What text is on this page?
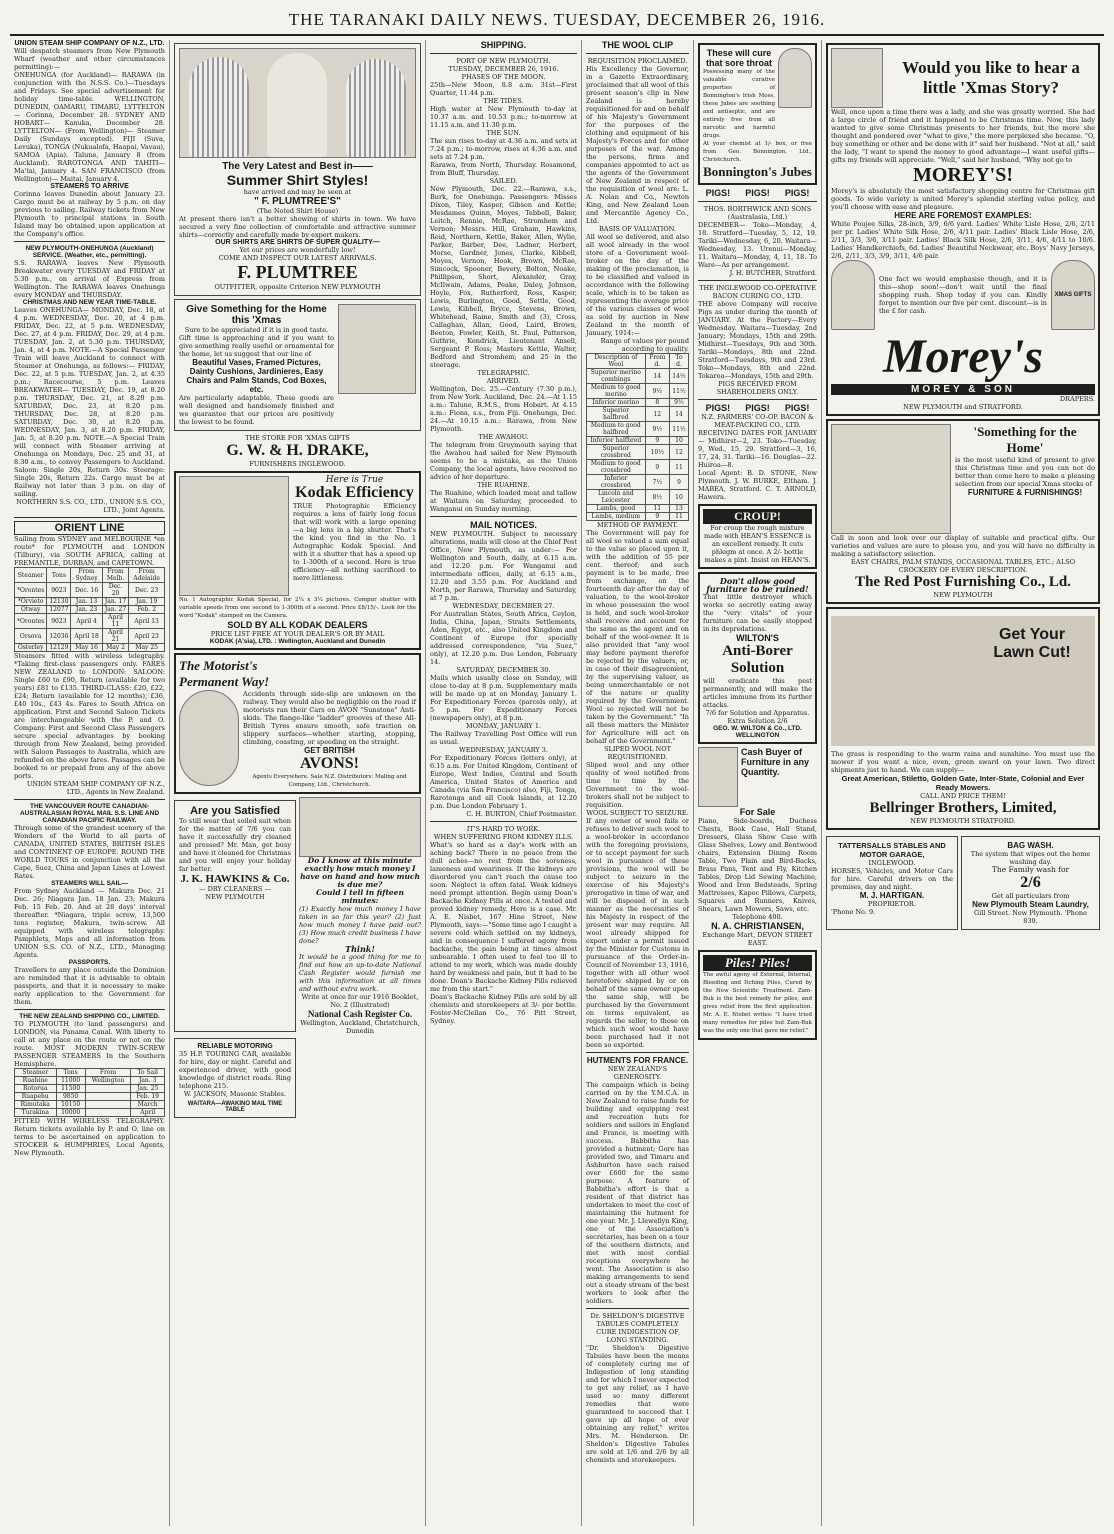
THE TARANAKI DAILY NEWS. TUESDAY, DECEMBER 26, 1916.
UNION STEAM SHIP COMPANY OF N.Z., LTD.
Will despatch steamers from New Plymouth Wharf (weather and other circumstances permitting):—
ONEHUNGA (for Auckland)— RARAWA (in conjunction with the N.S.S. Co.)—Tuesdays and Fridays. See special advertisement for holiday time-table. WELLINGTON, DUNEDIN, OAMARU, TIMARU, LYTTELTON— Corinna, December 28. SYDNEY AND HOBART— Kanuka, December 28. LYTTELTON— (From Wellington)— Steamer Daily (Sundays excepted). FIJI (Suva, Levuka), TONGA (Nukualofa, Haapai, Vavau), SAMOA (Apia). Talune, January 8 (from Auckland). RAROTONGA AND TAHITI— Ma'tai, January 4. SAN FRANCISCO (from Wellington)— Maitai, January 4.
STEAMERS TO ARRIVE
Corinna leaves Dunedin about January 23. Cargo must be at railway by 5 p.m. on day previous to sailing. Railway tickets from New Plymouth to principal stations in South Island may be obtained upon application at the Company's office.
NEW PLYMOUTH-ONEHUNGA (Auckland) SERVICE. (Weather, etc., permitting).
S.S. RARAWA leaves New Plymouth Breakwater every TUESDAY and FRIDAY at 5.30 p.m., on arrival of Express from Wellington. The RARAWA leaves Onehunga every MONDAY and THURSDAY.
CHRISTMAS AND NEW YEAR TIME-TABLE.
Leaves ONEHUNGA— MONDAY, Dec. 18, at 4 p.m. WEDNESDAY, Dec. 20, at 4 p.m. FRIDAY, Dec. 22, at 5 p.m. WEDNESDAY, Dec. 27, at 4 p.m. FRIDAY, Dec. 29, at 4 p.m. TUESDAY, Jan. 2, at 5.30 p.m. THURSDAY, Jan. 4, at 4 p.m. NOTE.—A Special Passenger Train will leave Auckland to connect with Steamer at Onehunga, as follows:— FRIDAY, Dec. 22, at 5 p.m. TUESDAY, Jan. 2, at 4.35 p.m.; Racecourse, 5 p.m. Leaves BREAKWATER— TUESDAY, Dec. 19, at 8.20 p.m. THURSDAY, Dec. 21, at 8.20 p.m. SATURDAY, Dec. 23, at 8.20 p.m. THURSDAY, Dec. 28, at 8.20 p.m. SATURDAY, Dec. 30, at 8.20 p.m. WEDNESDAY, Jan. 3, at 8.20 p.m. FRIDAY, Jan. 5, at 8.20 p.m. NOTE.—A Special Train will connect with Steamer arriving at Onehunga on Mondays, Dec. 25 and 31, at 8.30 a.m., to convey Passengers to Auckland. Saloon: Single 20s, Return 30s. Steerage: Single 20s, Return 22s. Cargo must be at Railway not later than 3 p.m. on day of sailing.
NORTHERN S.S. CO., LTD., UNION S.S. CO., LTD., Joint Agents.
ORIENT LINE
Sailing from SYDNEY and MELBOURNE *en route* for PLYMOUTH and LONDON (Tilbury), via SOUTH AFRICA, calling at FREMANTLE, DURBAN, and CAPETOWN.
Steamer	Tons	From Sydney	From Melb.	From Adelaide
*Orontes	9023	Dec. 16	Dec. 20	Dec. 23
*Orvieto	12130	Jan. 13	Jan. 17	Jan. 19
Otway	12077	Jan. 23	Jan. 27	Feb. 2
*Orontes	9023	April 4	April 11	April 13
Orsova	12036	April 18	April 21	April 23
Osterley	12129	May 16	May 2	May 25
Steamers fitted with wireless telegraphy. *Taking first-class passengers only. FARES NEW ZEALAND to LONDON: SALOON: Single £60 to £90, Return (available for two years) £81 to £135. THIRD-CLASS: £20, £22, £24; Return (available for 12 months), £36, £40 10s., £43 4s. Fares to South Africa on application. First and Second Saloon Tickets are interchangeable with the P. and O. Company. First and Second Class Passengers secure special advantages by booking through from New Zealand, being provided with Saloon Passages to Australia, which are refunded on the above fares. Passages can be booked to or prepaid from any of the above ports.
UNION STEAM SHIP COMPANY OF N.Z., LTD., Agents in New Zealand.
THE VANCOUVER ROUTE CANADIAN-AUSTRALASIAN ROYAL MAIL S.S. LINE AND CANADIAN PACIFIC RAILWAY.
Through some of the grandest scenery of the Wonders of the World to all parts of CANADA, UNITED STATES, BRITISH ISLES and CONTINENT OF EUROPE. ROUND THE WORLD TOURS in conjunction with all the Cape, Suez, China and Japan Lines at Lowest Rates.
STEAMERS WILL SAIL—
From Sydney Auckland — Makura Dec. 21 Dec. 26; Niagara Jan. 18 Jan. 23; Makura Feb. 15 Feb. 20. And at 28 days' interval thereafter. *Niagara, triple screw, 13,500 tons register; Makura, twin-screw. All equipped with wireless telegraphy. Pamphlets, Maps and all information from UNION S.S. CO. of N.Z., LTD., Managing Agents.
PASSPORTS.
Travellers to any place outside the Dominion are reminded that it is advisable to obtain passports, and that it is necessary to make early application to the Government for them.
THE NEW ZEALAND SHIPPING CO., LIMITED.
TO PLYMOUTH (to land passengers) and LONDON, via Panama Canal. With liberty to call at any place on the route or not on the route. MOST MODERN TWIN-SCREW PASSENGER STEAMERS In the Southern Hemisphere.
Steamer	Tons	From	To Sail
Ruahine	11000	Wellington	Jan. 3
Rotorua	11500		Jan. 25
Ruapehu	9850		Feb. 19
Rimutaka	10150		March
Turakina	10000		April
FITTED WITH WIRELESS TELEGRAPHY. Return tickets available by P. and O. line on terms to be ascertained on application to STOCKER & HUMPHRIES, Local Agents, New Plymouth.
The Very Latest and Best in——
Summer Shirt Styles!
have arrived and may be seen at
" F. PLUMTREE'S"
(The Noted Shirt House)
At present there isn't a better showing of shirts in town. We have secured a very fine collection of comfortable and attractive summer shirts—correctly and carefully made by expert makers.
OUR SHIRTS ARE SHIRTS OF SUPER QUALITY—
Yet our prices are wonderfully low!
COME AND INSPECT OUR LATEST ARRIVALS.
F. PLUMTREE
OUTFITTER, opposite Criterion NEW PLYMOUTH
Give Something for the Home this 'Xmas
Sure to be appreciated if it is in good taste.
Gift time is approaching and if you want to give something really useful or ornamental for the home, let us suggest that our line of
Beautiful Vases, Framed Pictures, Dainty Cushions, Jardinieres, Easy Chairs and Palm Stands, Cod Boxes, etc.
Are particularly adaptable. These goods are well designed and handsomely finished and we guarantee that our prices are positively the lowest to be found.
THE STORE FOR 'XMAS GIFTS
G. W. & H. DRAKE,
FURNISHERS INGLEWOOD.
Here is True
Kodak Efficiency
TRUE Photographic Efficiency requires a lens of fairly long focus that will work with a large opening —a big lens in a big shutter. That's the kind you find in the No. 1 Autographic Kodak Special. And with it a shutter that has a speed up to 1-300th of a second. Here is true efficiency—all nothing sacrificed to mere littleness.
No. 1 Autographic Kodak Special, for 2¼ x 3¼ pictures. Compur shutter with variable speeds from one second to 1-300th of a second. Price £8/15/-. Look for the word "Kodak" stamped on the Camera.
SOLD BY ALL KODAK DEALERS
PRICE LIST FREE AT YOUR DEALER'S OR BY MAIL
KODAK (A'sia), LTD. : Wellington, Auckland and Dunedin
The Motorist's
Permanent Way!
Accidents through side-slip are unknown on the railway. They would also be negligible on the road if motorists ran their Cars on AVON "Sunstone" Anti-skids. The flange-like "ladder" grooves of these All-British Tyres ensure smooth, safe traction on slippery surfaces—whether starting, stopping, climbing, coasting, or speeding on the straight.
GET BRITISH
AVONS!
Agents Everywhere. Sale N.Z. Distributors: Maling and Company, Ltd., Christchurch.
Are you Satisfied
To still wear that soiled suit when for the matter of 7/6 you can have it successfully dry cleaned and pressed? Mr. Man, get busy and have it cleaned for Christmas and you will enjoy your holiday far better.
J. K. HAWKINS & Co.
— DRY CLEANERS —
NEW PLYMOUTH
Do I know at this minute exactly how much money I have on hand and how much is due me?
Could I tell in fifteen minutes:
(1) Exactly how much money I have taken in so far this year? (2) Just how much money I have paid out? (3) How much credit business I have done?
Think!
It would be a good thing for me to find out how an up-to-date National Cash Register would furnish me with this information at all times and without extra work.
Write at once for our 1916 Booklet, No. 2 (Illustrated)
National Cash Register Co.
Wellington, Auckland, Christchurch, Dunedin
RELIABLE MOTORING
35 H.P. TOURING CAR, available for hire, day or night. Careful and experienced driver, with good knowledge of district roads. Ring telephone 215.
W. JACKSON, Masonic Stables.
WAITARA—AWAKINO MAIL TIME TABLE
SHIPPING.
PORT OF NEW PLYMOUTH.
TUESDAY, DECEMBER 26, 1916.
PHASES OF THE MOON.
25th—New Moon, 8.8 a.m. 31st—First Quarter, 11.44 p.m.
THE TIDES.
High water at New Plymouth to-day at 10.37 a.m. and 10.53 p.m.; to-morrow at 11.15 a.m. and 11.30 p.m.
THE SUN.
The sun rises to-day at 4.36 a.m. and sets at 7.24 p.m.; to-morrow, rises at 4.36 a.m. and sets at 7.24 p.m.
Rarawa, from North, Thursday. Rosamond, from Bluff, Thursday.
SAILED.
New Plymouth, Dec. 22.—Rarawa, s.s., Burk, for Onehunga. Passengers: Misses Dixon, Tiley, Kasper, Gibson and Kettle; Mesdames Quinn, Moyes, Tebbell, Baker, Leitch, Rennie, McRae, Stromhem and Vernon; Messrs. Hill, Graham, Hawkins, Reid, Northern, Kettle, Baker, Allen, Wylie, Parker, Barber, Dee, Ladner, Herbert, Morse, Gardner, Jones, Clarke, Kibbell, Moyes, Vernon, Hook, Brown, McRae, Simcock, Spooner, Bevery, Bolton, Noake, Phillipson, Short, Alexander, Gray, McIlwain, Adams, Peake, Daley, Johnson, Hoyle, Fox, Rutherford, Ross, Kasper, Lewis, Burlington, Good, Settle, Good, Lewis, Kibbell, Bryce, Stevens, Brown, Whitehead, Raine, Smith and (3), Cross, Callaghan, Allan, Good, Laird, Brown, Beeton, Fowler, Keith, St. Paul, Patterson, Guthrie, Kendrick, Lieutenant Ansell, Sergeant P. Ross; Masters Kettle, Walter, Bedford and Stromhem; and 25 in the steerage.
TELEGRAPHIC.
ARRIVED.
Wellington, Dec. 25.—Century (7.30 p.m.), from New York. Auckland, Dec. 24.—At 1.15 a.m.: Talune, R.M.S., from Hobart. At 4.15 a.m.: Fiona, s.s., from Fiji. Onehunga, Dec. 24.—At 10.15 a.m.: Rarawa, from New Plymouth.
THE AWAHOU.
The telegram from Greymouth saying that the Awahou had sailed for New Plymouth seems to be a mistake, as the Union Company, the local agents, have received no advice of her departure.
THE RUAHINE.
The Ruahine, which loaded meat and tallow at Waitara on Saturday, proceeded to Wanganui on Sunday morning.
MAIL NOTICES.
NEW PLYMOUTH. Subject to necessary alterations, mails will close at the Chief Post Office, New Plymouth, as under:— For Wellington and South, daily, at 6.15 a.m. and 12.20 p.m. For Wanganui and intermediate offices, daily, at 6.15 a.m., 12.20 and 3.55 p.m. For Auckland and North, per Rarawa, Thursday and Saturday, at 7 p.m.
WEDNESDAY, DECEMBER 27.
For Australian States, South Africa, Ceylon, India, China, Japan, Straits Settlements, Aden, Egypt, etc., also United Kingdom and Continent of Europe (for specially addressed correspondence, "via Suez," only), at 12.20 p.m. Due London, February 14.
SATURDAY, DECEMBER 30.
Mails which usually close on Sunday, will close to-day at 8 p.m. Supplementary mails will be made up at on Monday, January 1. For Expeditionary Forces (parcels only), at 5 p.m. For Expeditionary Forces (newspapers only), at 8 p.m.
MONDAY, JANUARY 1.
The Railway Travelling Post Office will run as usual.
WEDNESDAY, JANUARY 3.
For Expeditionary Forces (letters only), at 6.15 a.m. For United Kingdom, Continent of Europe, West Indies, Central and South America, United States of America and Canada (via San Francisco) also, Fiji, Tonga, Rarotonga and all Cook Islands, at 12.20 p.m. Due London February 1.
C. H. BURTON, Chief Postmaster.
IT'S HARD TO WORK.
WHEN SUFFERING FROM KIDNEY ILLS.
What's so hard as a day's work with an aching back? There is no peace from the dull aches—no rest from the soreness, lameness and weariness. If the kidneys are disordered you can't reach the cause too soon. Neglect is often fatal. Weak kidneys need prompt attention. Begin using Doan's Backache Kidney Pills at once. A tested and proved kidney remedy. Here is a case. Mr. A. E. Nisbet, 167 Hine Street, New Plymouth, says:—"Some time ago I caught a severe cold which settled on my kidneys, and in consequence I suffered agony from backache, the pain being at times almost unbearable. I often used to feel too ill to attend to my work, which was made doubly hard by weakness and pain, but it had to be done. Doan's Backache Kidney Pills relieved me from the start."
Doan's Backache Kidney Pills are sold by all chemists and storekeepers at 3/- per bottle. Foster-McClellan Co., 76 Pitt Street, Sydney.
THE WOOL CLIP
REQUISITION PROCLAIMED.
His Excellency the Governor, in a Gazette Extraordinary, proclaimed that all wool of this present season's clip in New Zealand is hereby requisitioned for and on behalf of his Majesty's Government for the purposes of the clothing and equipment of his Majesty's Forces and for other purposes of the war. Among the persons, firms and companies appointed to act as the agents of the Government of New Zealand in respect of the requisition of wool are: L. A. Nolan and Co., Newton King, and New Zealand Loan and Mercantile Agency Co., Ltd.
BASIS OF VALUATION.
All wool so delivered, and also all wool already in the wool store of a Government wool-broker on the day of the making of the proclamation, is to be classified and valued in accordance with the following scale, which is to be taken as representing the average price of the various classes of wool as sold by auction in New Zealand in the month of January, 1914:—
Range of values per pound according to quality.
Description of Wool	From d.	To d.
Superior merino combings	14	14½
Medium to good merino	9½	11½
Inferior merino	8	9½
Superior halfbred	12	14
Medium to good halfbred	9½	11½
Inferior halfbred	9	10
Superior crossbred	10½	12
Medium to good crossbred	9	11
Inferior crossbred	7½	9
Lincoln and Leicester	8½	10
Lambs, good	11	13
Lambs, medium	9	11
METHOD OF PAYMENT.
The Government will pay for all wool so valued a sum equal to the value so placed upon it, with the addition of 55 per cent. thereof; and such payment is to be made, free from exchange, on the fourteenth day after the day of valuation, to the wool-broker in whose possession the wool is held, and such wool-broker shall receive and account for the same as the agent and on behalf of the wool-owner. It is also provided that "any wool may before payment therefor be rejected by the valuers, or, in case of their disagreement, by the supervising valuer, as being unmerchantable or not of the nature or quality required by the Government. Wool so rejected will not be taken by the Government." "In all these matters the Minister for Agriculture will act on behalf of the Government."
SLIPED WOOL NOT REQUISITIONED.
Sliped wool and any other quality of wool notified from time to time by the Government to the wool-brokers shall not be subject to requisition.
WOOL SUBJECT TO SEIZURE.
If any owner of wool fails or refuses to deliver such wool to a wool-broker in accordance with the foregoing provisions, or to accept payment for such wool in pursuance of these provisions, the wool will be subject to seizure in the exercise of his Majesty's prerogative in time of war, and will be disposed of in such manner as the necessities of his Majesty in respect of the present war may require. All wool already shipped for export under a permit issued by the Minister for Customs in pursuance of the Order-in-Council of November 13, 1916, together with all other wool heretofore shipped by or on behalf of the same owner upon the same ship, will be purchased by the Government on terms equivalent, as regards the seller, to those on which such wool would have been purchased had it not been so exported.
HUTMENTS FOR FRANCE.
NEW ZEALAND'S GENEROSITY.
The campaign which is being carried on by the Y.M.C.A. in New Zealand to raise funds for building and equipping rest and recreation huts for soldiers and sailors in England and France, is meeting with success. Babbitha has provided a hutment; Gore has provided two, and Timaru and Ashburton have each raised over £600 for the same purpose. A feature of Babbitha's effort is that a resident of that district has undertaken to meet the cost of maintaining the hutment for one year. Mr. J. Llewellyn King, one of the Association's secretaries, has been on a tour of the southern districts, and met with most cordial receptions everywhere he went. The Association is also making arrangements to send out a steady stream of the best workers to look after the soldiers.
Dr. SHELDON'S DIGESTIVE TABULES COMPLETELY CURE INDIGESTION OF LONG STANDING.
"Dr. Sheldon's Digestive Tabules have been the means of completely curing me of Indigestion of long standing and for which I never expected to get any relief, as I have used so many different remedies that were guaranteed to succeed that I gave up all hope of ever obtaining any relief," writes Mrs. M. Henderson. Dr. Sheldon's Digestive Tabules are sold at 1/6 and 2/6 by all chemists and storekeepers.
These will cure that sore throat
Possessing many of the valuable curative properties of Bonnington's Irish Moss, these Jubes are soothing and antiseptic, and are entirely free from all narcotic and harmful drugs.
At your chemist at 1/- box, or free from Geo. Bonnington, Ltd., Christchurch.
Bonnington's Jubes
PIGS! PIGS! PIGS!
THOS. BORTHWICK AND SONS (Australasia, Ltd.)
DECEMBER— Toko—Monday, 4, 18. Stratford—Tuesday, 5, 12, 19. Tariki—Wednesday, 6, 20. Waitara—Wednesday, 13. Urenui—Monday, 11. Waitara—Monday, 4, 11, 18. To Ware—As per arrangement.
J. H. BUTCHER, Stratford.
THE INGLEWOOD CO-OPERATIVE BACON CURING CO., LTD.
THE above Company will receive Pigs as under during the month of JANUARY. At the Factory—Every Wednesday. Waitara—Tuesday, 2nd January; Mondays, 15th and 29th. Midhirst—Tuesdays, 9th and 30th. Tariki—Mondays, 8th and 22nd. Stratford—Tuesdays, 9th and 23rd. Toko—Mondays, 8th and 22nd. Tokaroa—Mondays, 15th and 29th.
PIGS RECEIVED FROM SHAREHOLDERS ONLY.
PIGS! PIGS! PIGS!
N.Z. FARMERS' CO-OP. BACON & MEAT-PACKING CO., LTD.
RECEIVING DATES FOR JANUARY— Midhirst—2, 23. Toko—Tuesday, 9, Wed., 15, 29. Stratford—3, 16, 17, 24, 31. Tariki—16. Douglas—22. Huiroa—8.
Local Agent: B. D. STONE, New Plymouth. J. W. BURKE, Eltham. J. MABEA, Stratford. C. T. ARNOLD, Hawera.
CROUP!
For croup the rough mixture made with HEAN'S ESSENCE is an excellent remedy. It cuts phlegm at once. A 2/- bottle makes a pint. Insist on HEAN'S.
Don't allow good furniture to be ruined!
That little destroyer which works so secretly eating away the "very vitals" of your furniture can be easily stopped in its depredations.
WILTON'S
Anti-Borer Solution
will eradicate this pest permanently, and will make the articles immune from its further attacks.
7/6 for Solution and Apparatus. Extra Solution 2/6
GEO. W. WILTON & Co., LTD. WELLINGTON
Cash Buyer of Furniture in any Quantity.
For Sale
Piano, Side-boards, Duchess Chests, Book Case, Hall Stand, Dressers, Glass Show Case with Glass Shelves, Lowy and Bentwood chairs, Extension Dining Room Table, Two Plain and Bird-Backs, Brass Pans, Tent and Fly, Kitchen Tables, Drop Lid Sewing Machine, Wood and Iron Bedsteads, Spring Mattresses, Kapoc Pillows, Carpets, Squares and Runners, Knives, Shears, Lawn Mowers, Saws, etc.
Telephone 400.
N. A. CHRISTIANSEN,
Exchange Mart, DEVON STREET EAST.
Piles! Piles!
The awful agony of External, Internal, Bleeding and Itching Piles, Cured by the New Scientific Treatment. Zam-Buk is the best remedy for piles, and gives relief from the first application. Mr. A. E. Nisbet writes: "I have tried many remedies for piles but Zam-Buk was the only one that gave me relief."
Would you like to hear a little 'Xmas Story?
Well, once upon a time there was a lady, and she was greatly worried. She had a large circle of friend and it happened to be Christmas time. Now, this lady wanted to give some Christmas presents to her friends, but the more she thought and pondered over "what to give," the more perplexed she became. "O, buy something or other and be done with it" said her husband. "Not at all," said the lady, "I want to spend the money to good advantage—I want useful gifts—gifts my friends will appreciate. "Well," said her husband, "Why not go to
MOREY'S!
Morey's is absolutely the most satisfactory shopping centre for Christmas gift goods. To wide variety is united Morey's splendid sterling value policy, and you'll choose with ease and pleasure.
HERE ARE FOREMOST EXAMPLES:
White Poujee Silks, 28-inch, 3/9, 6/6 yard. Ladies' White Lisle Hose, 2/6, 2/11 per pr. Ladies' White Silk Hose, 2/6, 4/11 pair. Ladies' Black Lisle Hose, 2/6, 2/11, 3/3, 3/6, 3/11 pair. Ladies' Black Silk Hose, 2/6, 3/11, 4/6, 4/11 to 10/6. Ladies' Handkerchiefs, 6d. Ladies' Beautiful Neckwear, etc. Boys' Navy Jerseys, 2/6, 2/11, 3/3, 3/9, 3/11, 4/6 pair.
One fact we would emphasise though, and it is this—shop soon!—don't wait until the final shopping rush. Shop today if you can. Kindly forget to mention our five per cent. discount—is in the £ for cash.
XMAS GIFTS
Morey's
MOREY & SON
DRAPERS.
NEW PLYMOUTH and STRATFORD.
'Something for the Home'
is the most useful kind of present to give this Christmas time and you can not do better than come here to make a pleasing selection from our special Xmas stocks of
FURNITURE & FURNISHINGS!
Call in soon and look over our display of suitable and practical gifts. Our varieties and values are sure to please you, and you will have no difficulty in making a satisfactory selection.
EASY CHAIRS, PALM STANDS, OCCASIONAL TABLES, ETC.; ALSO CROCKERY OF EVERY DESCRIPTION.
The Red Post Furnishing Co., Ld.
NEW PLYMOUTH
Get Your Lawn Cut!
The grass is responding to the warm rains and sunshine. You must use the mower if you want a nice, even, green sward on your lawn. Two direct shipments just to hand. We can supply—
Great American, Stiletto, Golden Gate, Inter-State, Colonial and Ever Ready Mowers.
CALL AND PRICE THEM!
Bellringer Brothers, Limited,
NEW PLYMOUTH STRATFORD.
TATTERSALLS STABLES AND MOTOR GARAGE,
INGLEWOOD.
HORSES, Vehicles, and Motor Cars for hire. Careful drivers on the premises, day and night.
M. J. HARTIGAN.
PROPRIETOR.
'Phone No. 9.
BAG WASH.
The system that wipes out the home washing day.
The Family wash for
2/6
Get all particulars from
New Plymouth Steam Laundry,
Gill Street. New Plymouth. 'Phone 839.
